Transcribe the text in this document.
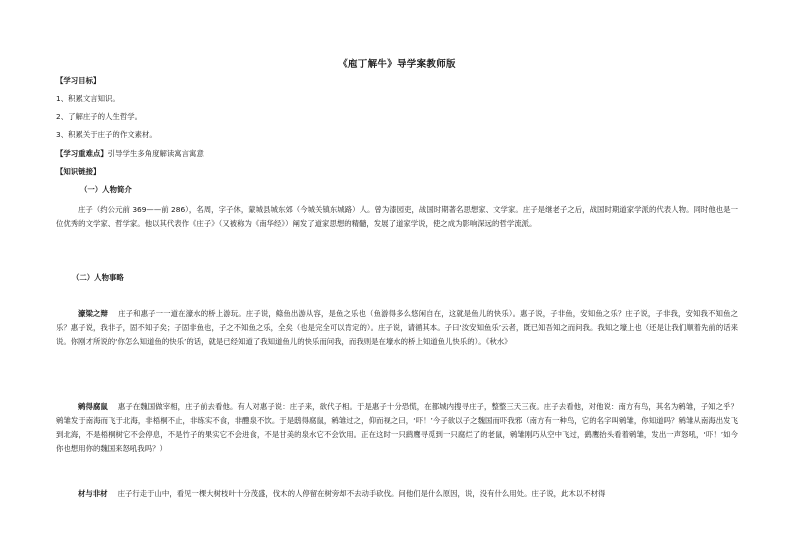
《庖丁解牛》导学案教师版
【学习目标】
1、积累文言知识。
2、了解庄子的人生哲学。
3、积累关于庄子的作文素材。
【学习重难点】引导学生多角度解读寓言寓意
【知识链接】
（一）人物简介
庄子（约公元前 369——前 286），名周，字子休，蒙城县城东郊（今城关镇东城路）人。曾为漆园吏，战国时期著名思想家、文学家。庄子是继老子之后，战国时期道家学派的代表人物。同时他也是一位优秀的文学家、哲学家。他以其代表作《庄子》（又被称为《南华经》）阐发了道家思想的精髓，发展了道家学说，使之成为影响深远的哲学流派。
（二）人物事略
濠梁之辩 庄子和惠子一一道在濠水的桥上游玩。庄子说，鲦鱼出游从容，是鱼之乐也（鱼游得多么悠闲自在，这就是鱼儿的快乐）。惠子说，子非鱼，安知鱼之乐？庄子说，子非我，安知我不知鱼之乐？惠子说，我非子，固不知子矣；子固非鱼也，子之不知鱼之乐，全矣（也是完全可以肯定的）。庄子说，请循其本。子曰‘汝安知鱼乐’云者，既已知吾知之而问我。我知之壕上也（还是让我们顺着先前的话来说。你刚才所说的‘你怎么知道鱼的快乐’的话，就是已经知道了我知道鱼儿的快乐而问我，而我则是在壕水的桥上知道鱼儿快乐的）。《秋水》
鹓得腐鼠 惠子在魏国做宰相，庄子前去看他。有人对惠子说：庄子来，欲代子相。于是惠子十分恐慌，在都城内搜寻庄子，整整三天三夜。庄子去看他，对他说：南方有鸟，其名为鹓雏，子知之乎？鹓雏发于南海而飞于北海，非梧桐不止，非练实不食，非醴泉不饮。于是鸱得腐鼠，鹓雏过之，仰而视之曰，‘吓！’今子欲以子之魏国而吓我邪（南方有一种鸟，它的名字叫鹓雏，你知道吗？鹓雏从南海出发飞到北海，不是梧桐树它不会停息，不是竹子的果实它不会进食，不是甘美的泉水它不会饮用。正在这时一只鹞鹰寻觅到一只腐烂了的老鼠，鹓雏刚巧从空中飞过，鹞鹰抬头看着鹓雏，发出一声怒吼，‘吓！’如今你也想用你的魏国来怒吼我吗？）
材与非材 庄子行走于山中，看见一棵大树枝叶十分茂盛，伐木的人停留在树旁却不去动手砍伐。问他们是什么原因，说，没有什么用处。庄子说，此木以不材得
